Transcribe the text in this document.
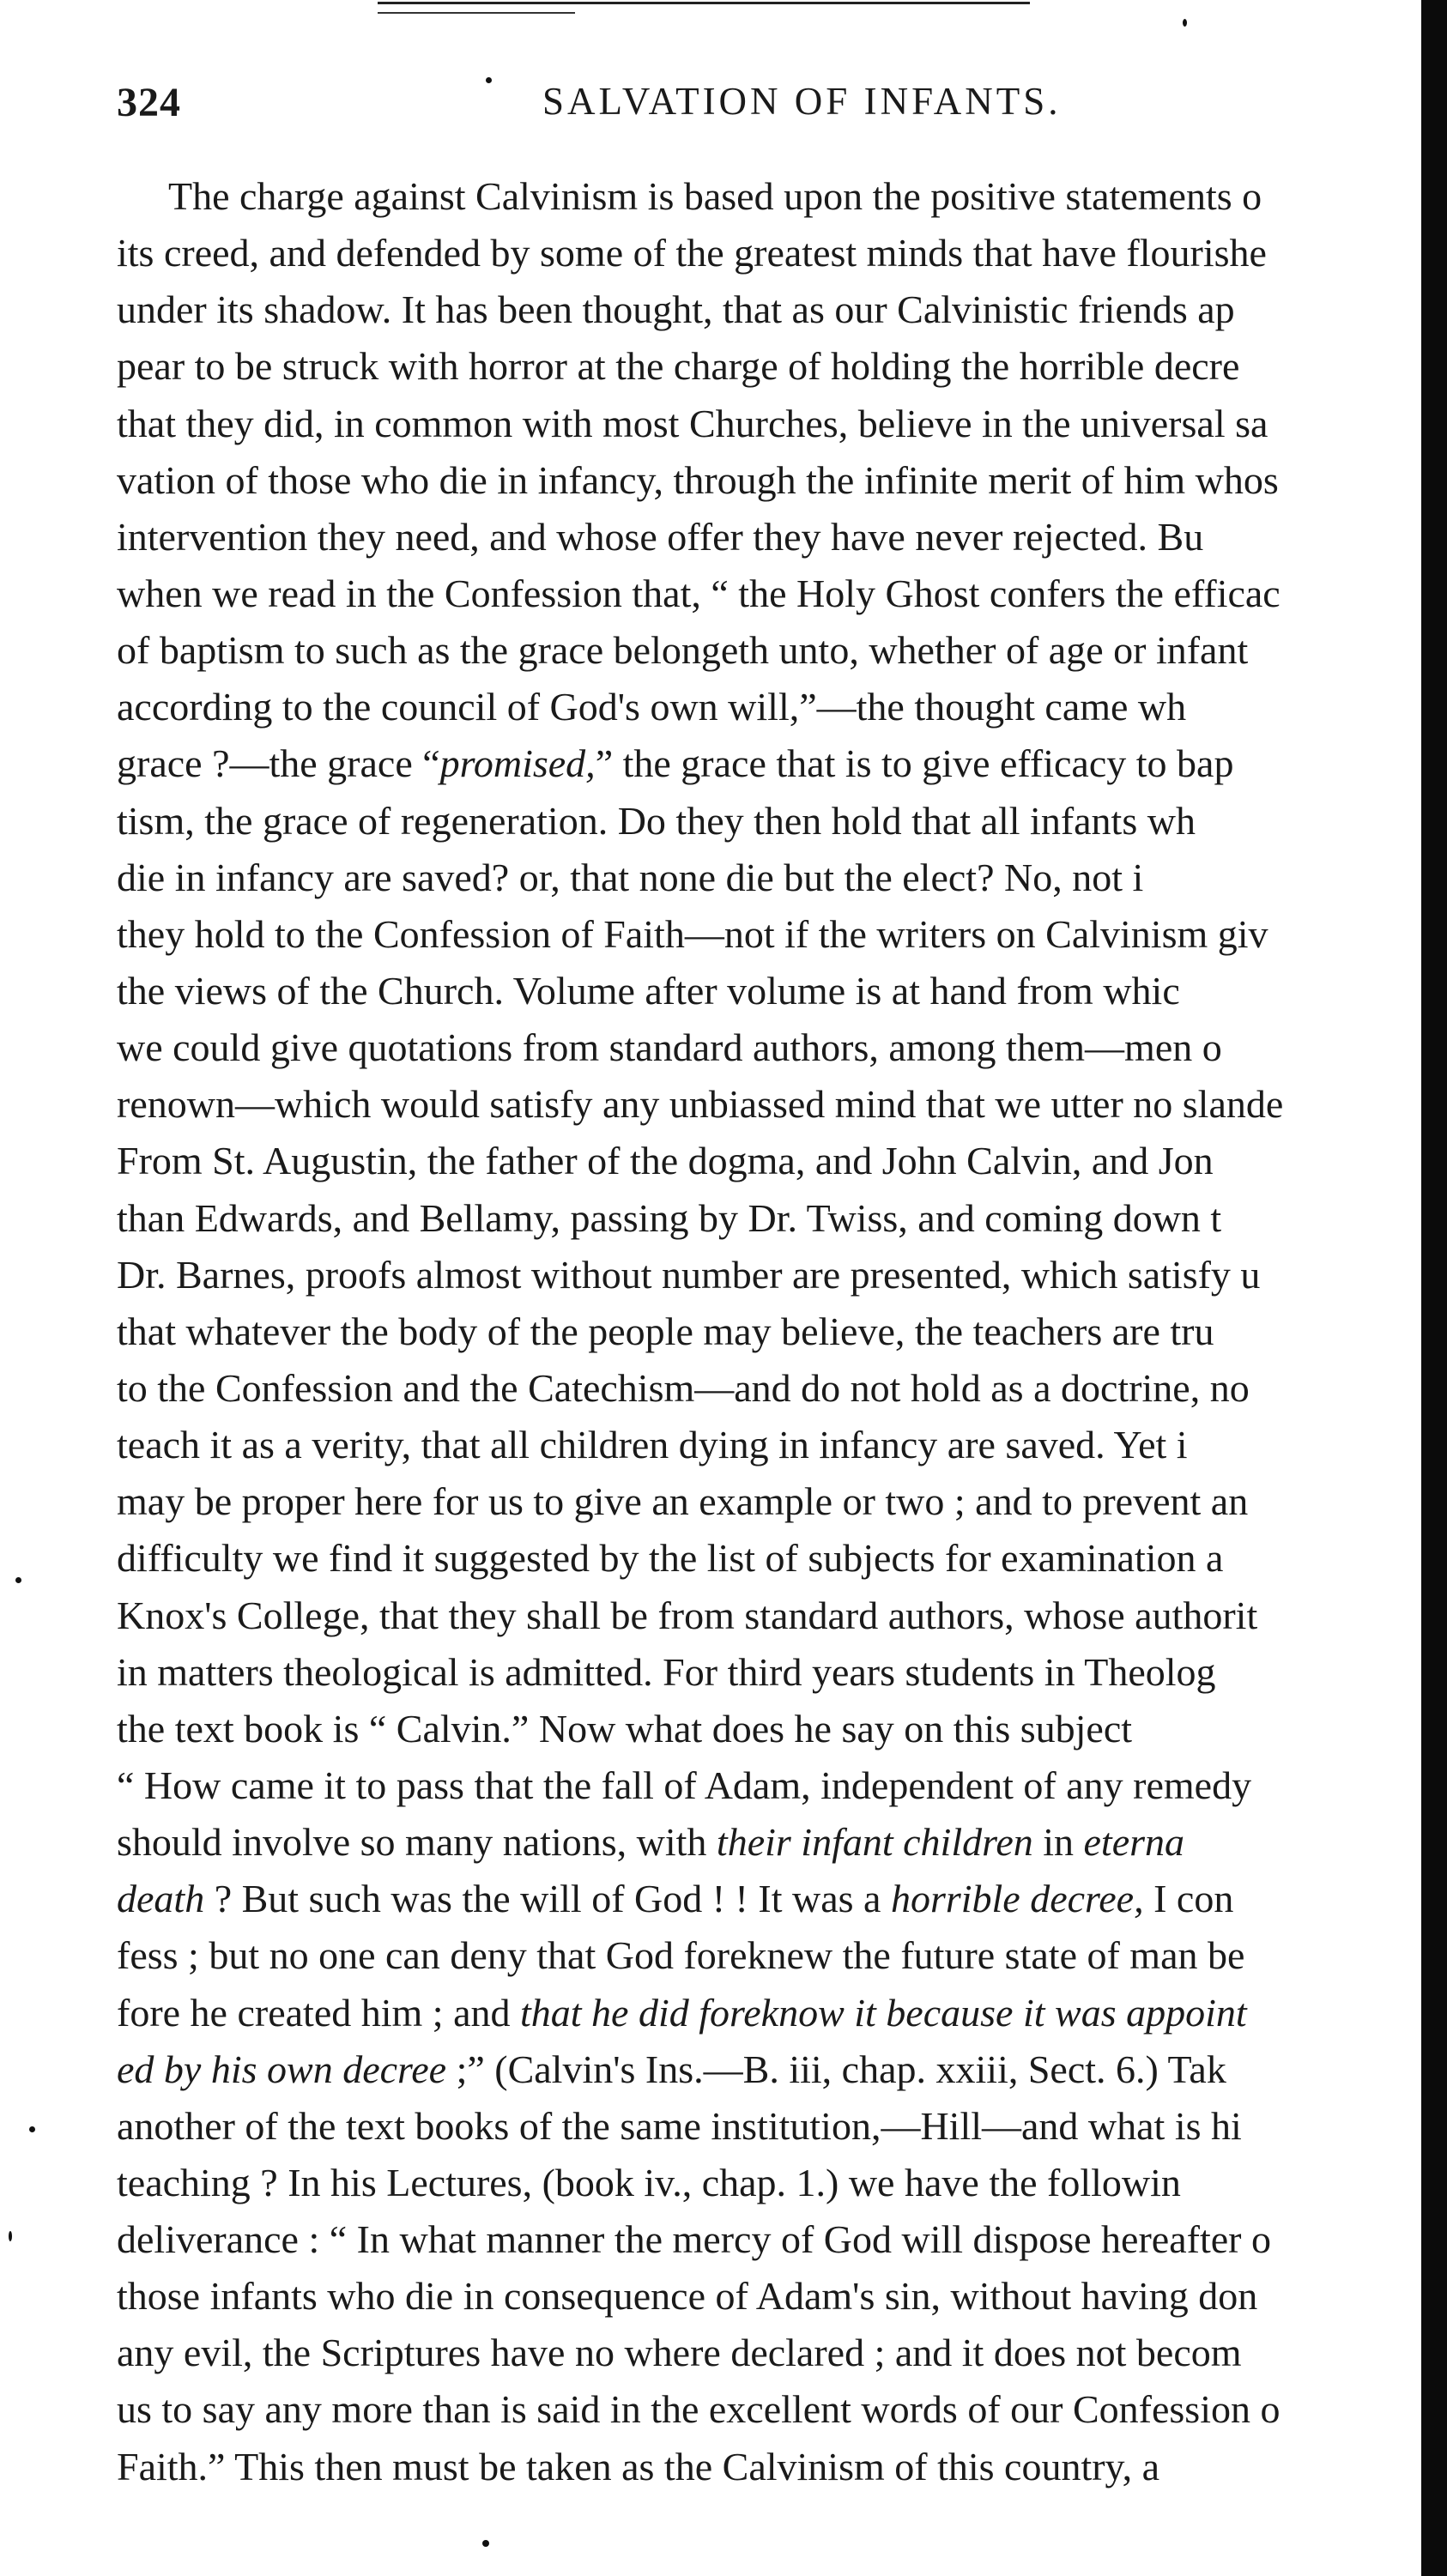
324	SALVATION OF INFANTS.
The charge against Calvinism is based upon the positive statements o
its creed, and defended by some of the greatest minds that have flourishe
under its shadow. It has been thought, that as our Calvinistic friends ap
pear to be struck with horror at the charge of holding the horrible decre
that they did, in common with most Churches, believe in the universal sa
vation of those who die in infancy, through the infinite merit of him whos
intervention they need, and whose offer they have never rejected. Bu
when we read in the Confession that, “ the Holy Ghost confers the efficac
of baptism to such as the grace belongeth unto, whether of age or infant
according to the council of God's own will,”—the thought came wh
grace ?—the grace “promised,” the grace that is to give efficacy to bap
tism, the grace of regeneration. Do they then hold that all infants wh
die in infancy are saved? or, that none die but the elect? No, not i
they hold to the Confession of Faith—not if the writers on Calvinism giv
the views of the Church. Volume after volume is at hand from whic
we could give quotations from standard authors, among them—men o
renown—which would satisfy any unbiassed mind that we utter no slande
From St. Augustin, the father of the dogma, and John Calvin, and Jon
than Edwards, and Bellamy, passing by Dr. Twiss, and coming down t
Dr. Barnes, proofs almost without number are presented, which satisfy u
that whatever the body of the people may believe, the teachers are tru
to the Confession and the Catechism—and do not hold as a doctrine, no
teach it as a verity, that all children dying in infancy are saved. Yet i
may be proper here for us to give an example or two ; and to prevent an
difficulty we find it suggested by the list of subjects for examination a
Knox's College, that they shall be from standard authors, whose authorit
in matters theological is admitted. For third years students in Theolog
the text book is “ Calvin.” Now what does he say on this subject
“ How came it to pass that the fall of Adam, independent of any remedy
should involve so many nations, with their infant children in eterna
death ? But such was the will of God ! ! It was a horrible decree, I con
fess ; but no one can deny that God foreknew the future state of man be
fore he created him ; and that he did foreknow it because it was appoint
ed by his own decree ;” (Calvin's Ins.—B. iii, chap. xxiii, Sect. 6.) Tak
another of the text books of the same institution,—Hill—and what is hi
teaching ? In his Lectures, (book iv., chap. 1.) we have the followin
deliverance : “ In what manner the mercy of God will dispose hereafter o
those infants who die in consequence of Adam's sin, without having don
any evil, the Scriptures have no where declared ; and it does not becom
us to say any more than is said in the excellent words of our Confession o
Faith.” This then must be taken as the Calvinism of this country, a
